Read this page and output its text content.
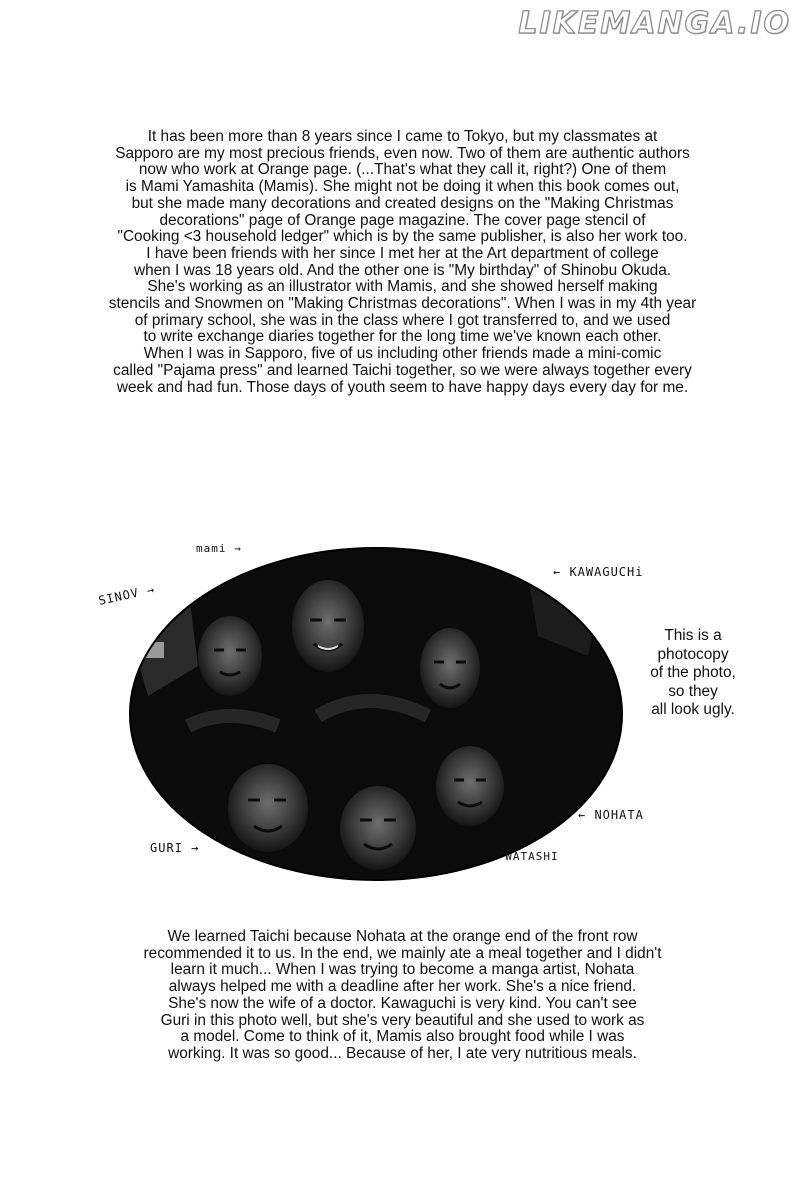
LIKEMANGA.IO
It has been more than 8 years since I came to Tokyo, but my classmates at
Sapporo are my most precious friends, even now. Two of them are authentic authors
now who work at Orange page. (...That's what they call it, right?) One of them
is Mami Yamashita (Mamis). She might not be doing it when this book comes out,
but she made many decorations and created designs on the "Making Christmas
decorations" page of Orange page magazine. The cover page stencil of
"Cooking <3 household ledger" which is by the same publisher, is also her work too.
I have been friends with her since I met her at the Art department of college
when I was 18 years old. And the other one is "My birthday" of Shinobu Okuda.
She's working as an illustrator with Mamis, and she showed herself making
stencils and Snowmen on "Making Christmas decorations". When I was in my 4th year
of primary school, she was in the class where I got transferred to, and we used
to write exchange diaries together for the long time we've known each other.
When I was in Sapporo, five of us including other friends made a mini-comic
called "Pajama press" and learned Taichi together, so we were always together every
week and had fun. Those days of youth seem to have happy days every day for me.
mami →
SINOV →
← KAWAGUCHi
← NOHATA
GURI →
← WATASHI
This is a
photocopy
of the photo,
so they
all look ugly.
We learned Taichi because Nohata at the orange end of the front row
recommended it to us. In the end, we mainly ate a meal together and I didn't
learn it much... When I was trying to become a manga artist, Nohata
always helped me with a deadline after her work. She's a nice friend.
She's now the wife of a doctor. Kawaguchi is very kind. You can't see
Guri in this photo well, but she's very beautiful and she used to work as
a model. Come to think of it, Mamis also brought food while I was
working. It was so good... Because of her, I ate very nutritious meals.
